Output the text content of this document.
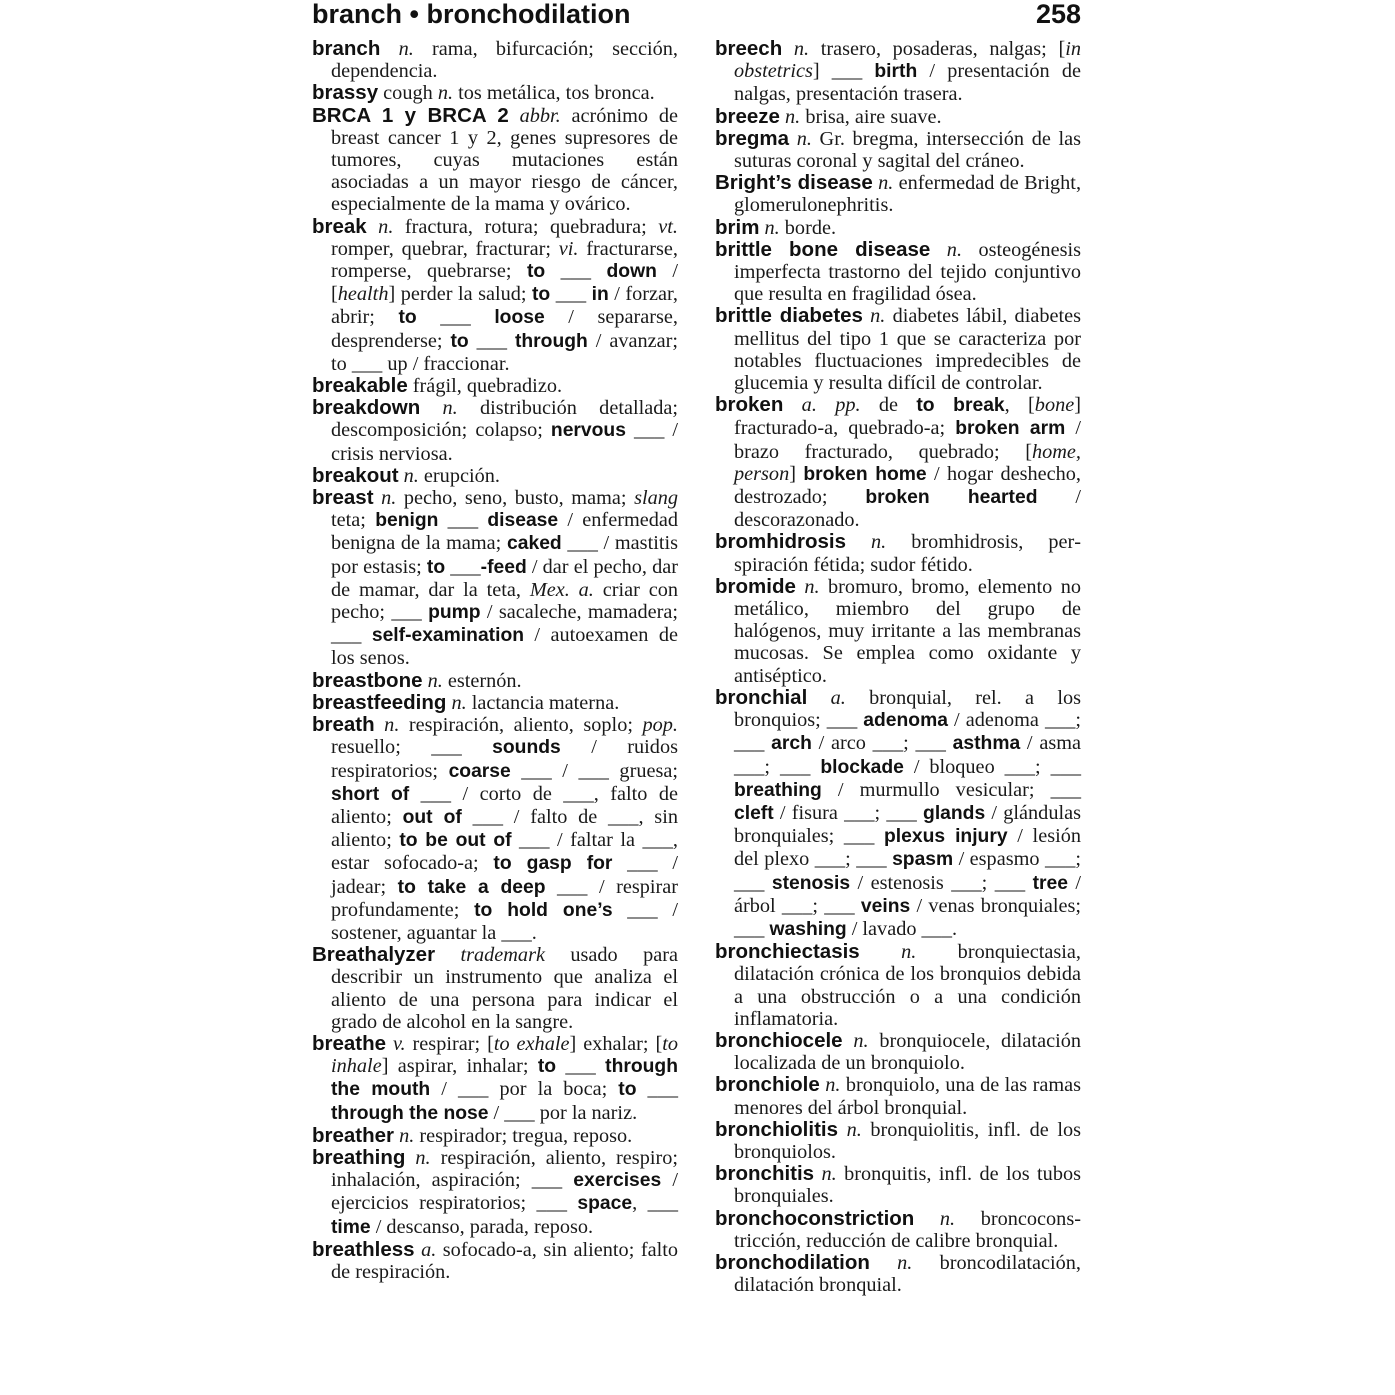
branch • bronchodilation	258

branch n. rama, bifurcación; sección, dependencia.

brassy cough n. tos metálica, tos bronca.

BRCA 1 y BRCA 2 abbr. acrónimo de breast cancer 1 y 2, genes supresores de tumores, cuyas mutaciones están asociadas a un mayor riesgo de cáncer, especialmente de la mama y ovárico.

break n. fractura, rotura; quebradura; vt. romper, quebrar, fracturar; vi. fracturarse, romperse, quebrarse; to ___ down / [health] perder la salud; to ___ in / forzar, abrir; to ___ loose / separarse, desprenderse; to ___ through / avanzar; to ___ up / fraccionar.

breakable frágil, quebradizo.

breakdown n. distribución detallada; descomposición; colapso; nervous ___ / crisis nerviosa.

breakout n. erupción.

breast n. pecho, seno, busto, mama; slang teta; benign ___ disease / enfermedad benigna de la mama; caked ___ / mastitis por estasis; to ___-feed / dar el pecho, dar de mamar, dar la teta, Mex. a. criar con pecho; ___ pump / sacaleche, mamadera; ___ self-examination / autoexamen de los senos.

breastbone n. esternón.

breastfeeding n. lactancia materna.

breath n. respiración, aliento, soplo; pop. resuello; ___ sounds / ruidos respiratorios; coarse ___ / ___ gruesa; short of ___ / corto de ___, falto de aliento; out of ___ / falto de ___, sin aliento; to be out of ___ / faltar la ___, estar sofocado-a; to gasp for ___ / jadear; to take a deep ___ / respirar profundamente; to hold one’s ___ / sostener, aguantar la ___.

Breathalyzer trademark usado para describir un instrumento que analiza el aliento de una persona para indicar el grado de alcohol en la sangre.

breathe v. respirar; [to exhale] exhalar; [to inhale] aspirar, inhalar; to ___ through the mouth / ___ por la boca; to ___ through the nose / ___ por la nariz.

breather n. respirador; tregua, reposo.

breathing n. respiración, aliento, respiro; inhalación, aspiración; ___ exercises / ejercicios respiratorios; ___ space, ___ time / descanso, parada, reposo.

breathless a. sofocado-a, sin aliento; falto de respiración.

breech n. trasero, posaderas, nalgas; [in obstetrics] ___ birth / presentación de nalgas, presentación trasera.

breeze n. brisa, aire suave.

bregma n. Gr. bregma, intersección de las suturas coronal y sagital del cráneo.

Bright’s disease n. enfermedad de Bright, glomerulonephritis.

brim n. borde.

brittle bone disease n. osteogénesis imperfecta trastorno del tejido conjuntivo que resulta en fragilidad ósea.

brittle diabetes n. diabetes lábil, diabetes mellitus del tipo 1 que se caracteriza por notables fluctuaciones impredecibles de glucemia y resulta difícil de controlar.

broken a. pp. de to break, [bone] fracturado-a, quebrado-a; broken arm / brazo fracturado, quebrado; [home, person] broken home / hogar deshecho, destrozado; broken hearted / descorazonado.

bromhidrosis n. bromhidrosis, perspiración fétida; sudor fétido.

bromide n. bromuro, bromo, elemento no metálico, miembro del grupo de halógenos, muy irritante a las membranas mucosas. Se emplea como oxidante y antiséptico.

bronchial a. bronquial, rel. a los bronquios; ___ adenoma / adenoma ___; ___ arch / arco ___; ___ asthma / asma ___; ___ blockade / bloqueo ___; ___ breathing / murmullo vesicular; ___ cleft / fisura ___; ___ glands / glándulas bronquiales; ___ plexus injury / lesión del plexo ___; ___ spasm / espasmo ___; ___ stenosis / estenosis ___; ___ tree / árbol ___; ___ veins / venas bronquiales; ___ washing / lavado ___.

bronchiectasis n. bronquiectasia, dilatación crónica de los bronquios debida a una obstrucción o a una condición inflamatoria.

bronchiocele n. bronquiocele, dilatación localizada de un bronquiolo.

bronchiole n. bronquiolo, una de las ramas menores del árbol bronquial.

bronchiolitis n. bronquiolitis, infl. de los bronquiolos.

bronchitis n. bronquitis, infl. de los tubos bronquiales.

bronchoconstriction n. broncoconstricción, reducción de calibre bronquial.

bronchodilation n. broncodilatación, dilatación bronquial.
